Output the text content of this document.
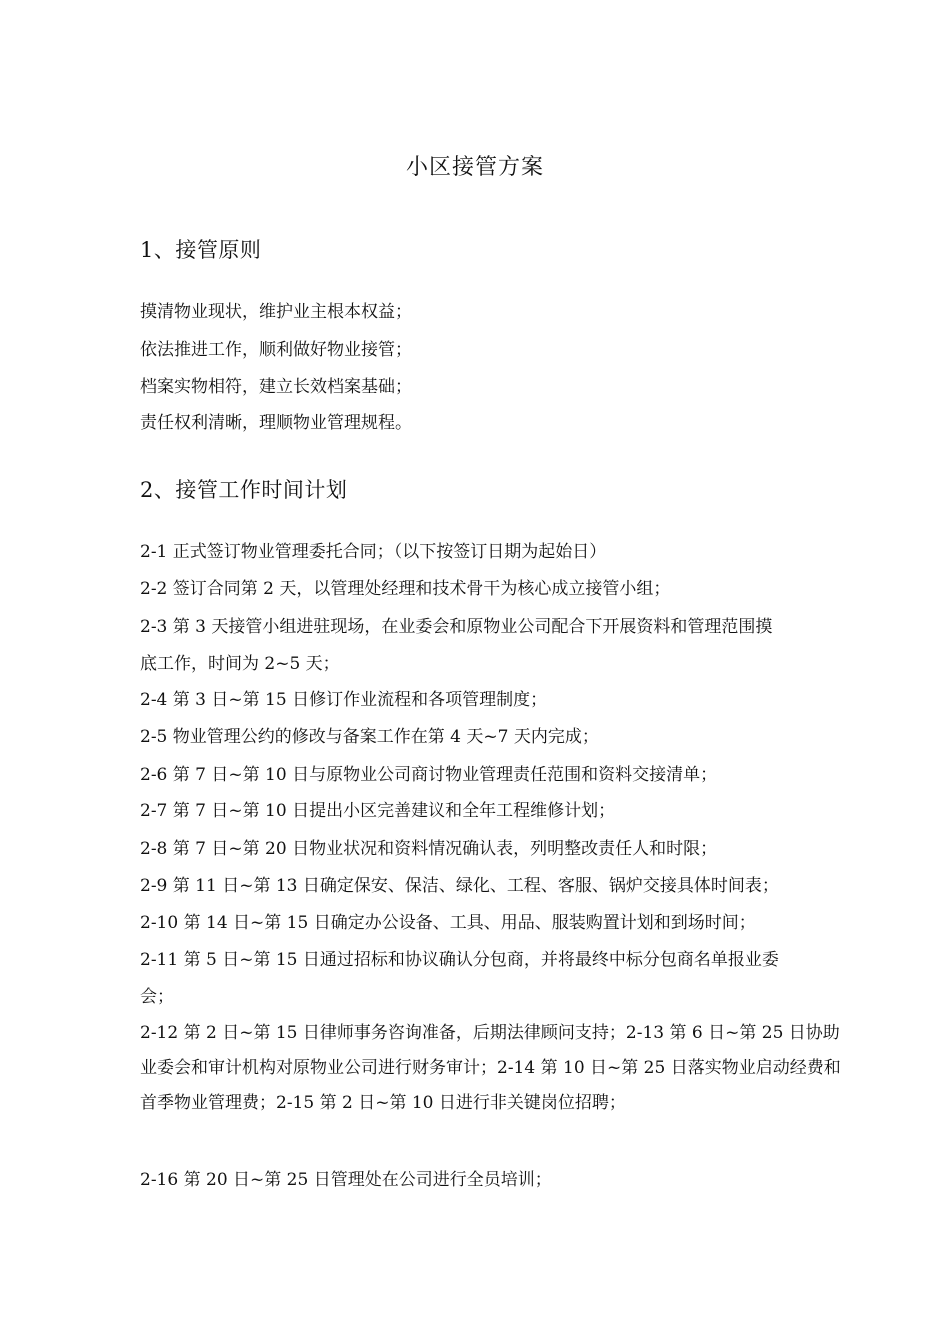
小区接管方案
1、接管原则
摸清物业现状，维护业主根本权益；
依法推进工作，顺利做好物业接管；
档案实物相符，建立长效档案基础；
责任权利清晰，理顺物业管理规程。
2、接管工作时间计划
2-1 正式签订物业管理委托合同；（以下按签订日期为起始日）
2-2 签订合同第 2 天，以管理处经理和技术骨干为核心成立接管小组；
2-3 第 3 天接管小组进驻现场，在业委会和原物业公司配合下开展资料和管理范围摸
底工作，时间为 2~5 天；
2-4 第 3 日~第 15 日修订作业流程和各项管理制度；
2-5 物业管理公约的修改与备案工作在第 4 天~7 天内完成；
2-6 第 7 日~第 10 日与原物业公司商讨物业管理责任范围和资料交接清单；
2-7 第 7 日~第 10 日提出小区完善建议和全年工程维修计划；
2-8 第 7 日~第 20 日物业状况和资料情况确认表，列明整改责任人和时限；
2-9 第 11 日~第 13 日确定保安、保洁、绿化、工程、客服、锅炉交接具体时间表；
2-10 第 14 日~第 15 日确定办公设备、工具、用品、服装购置计划和到场时间；
2-11 第 5 日~第 15 日通过招标和协议确认分包商，并将最终中标分包商名单报业委
会；
2-12 第 2 日~第 15 日律师事务咨询准备，后期法律顾问支持；2-13 第 6 日~第 25 日协助业委会和审计机构对原物业公司进行财务审计；2-14 第 10 日~第 25 日落实物业启动经费和首季物业管理费；2-15 第 2 日~第 10 日进行非关键岗位招聘；
2-16 第 20 日~第 25 日管理处在公司进行全员培训；
